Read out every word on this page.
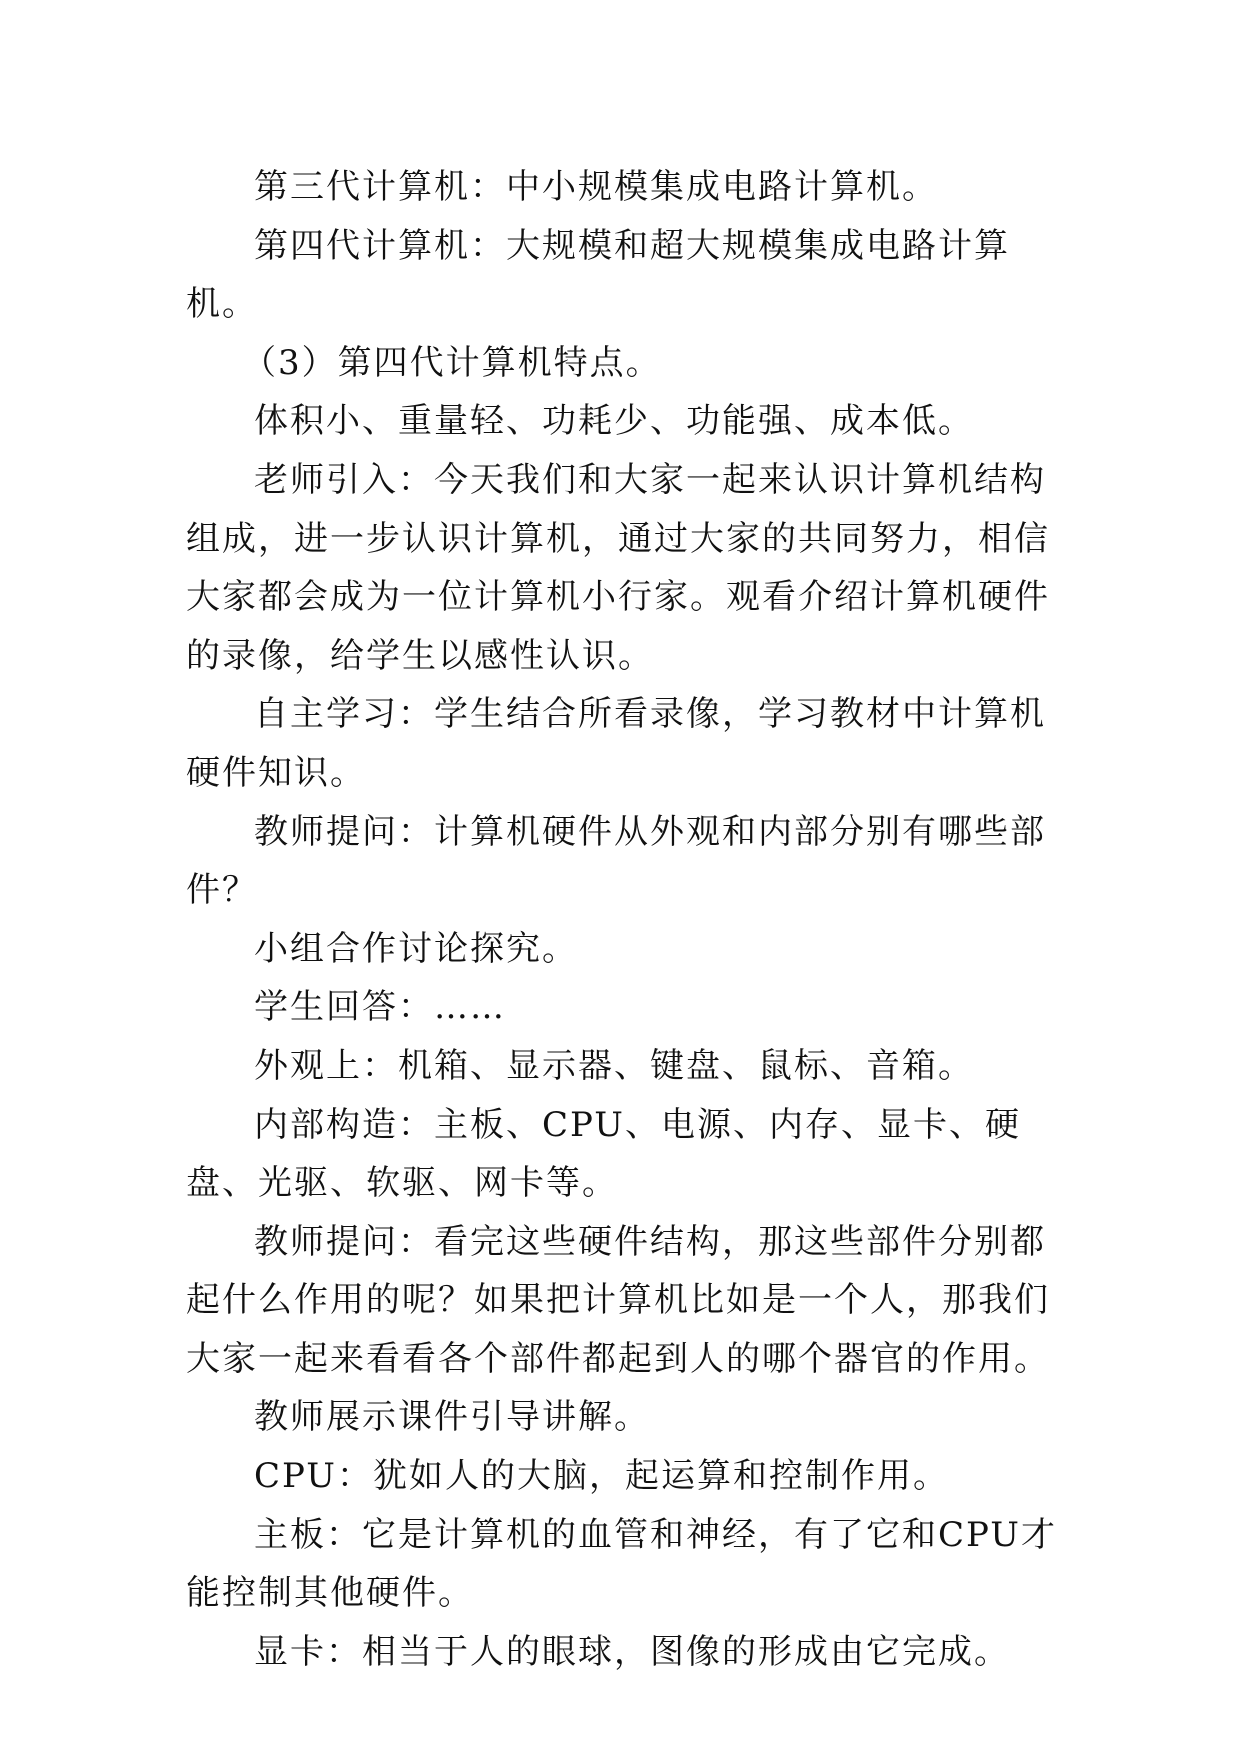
第三代计算机：中小规模集成电路计算机。

第四代计算机：大规模和超大规模集成电路计算机。

（3）第四代计算机特点。

体积小、重量轻、功耗少、功能强、成本低。

老师引入：今天我们和大家一起来认识计算机结构组成，进一步认识计算机，通过大家的共同努力，相信大家都会成为一位计算机小行家。观看介绍计算机硬件的录像，给学生以感性认识。

自主学习：学生结合所看录像，学习教材中计算机硬件知识。

教师提问：计算机硬件从外观和内部分别有哪些部件？

小组合作讨论探究。

学生回答：……

外观上：机箱、显示器、键盘、鼠标、音箱。

内部构造：主板、CPU、电源、内存、显卡、硬盘、光驱、软驱、网卡等。

教师提问：看完这些硬件结构，那这些部件分别都起什么作用的呢？如果把计算机比如是一个人，那我们大家一起来看看各个部件都起到人的哪个器官的作用。

教师展示课件引导讲解。

CPU：犹如人的大脑，起运算和控制作用。

主板：它是计算机的血管和神经，有了它和CPU才能控制其他硬件。

显卡：相当于人的眼球，图像的形成由它完成。
